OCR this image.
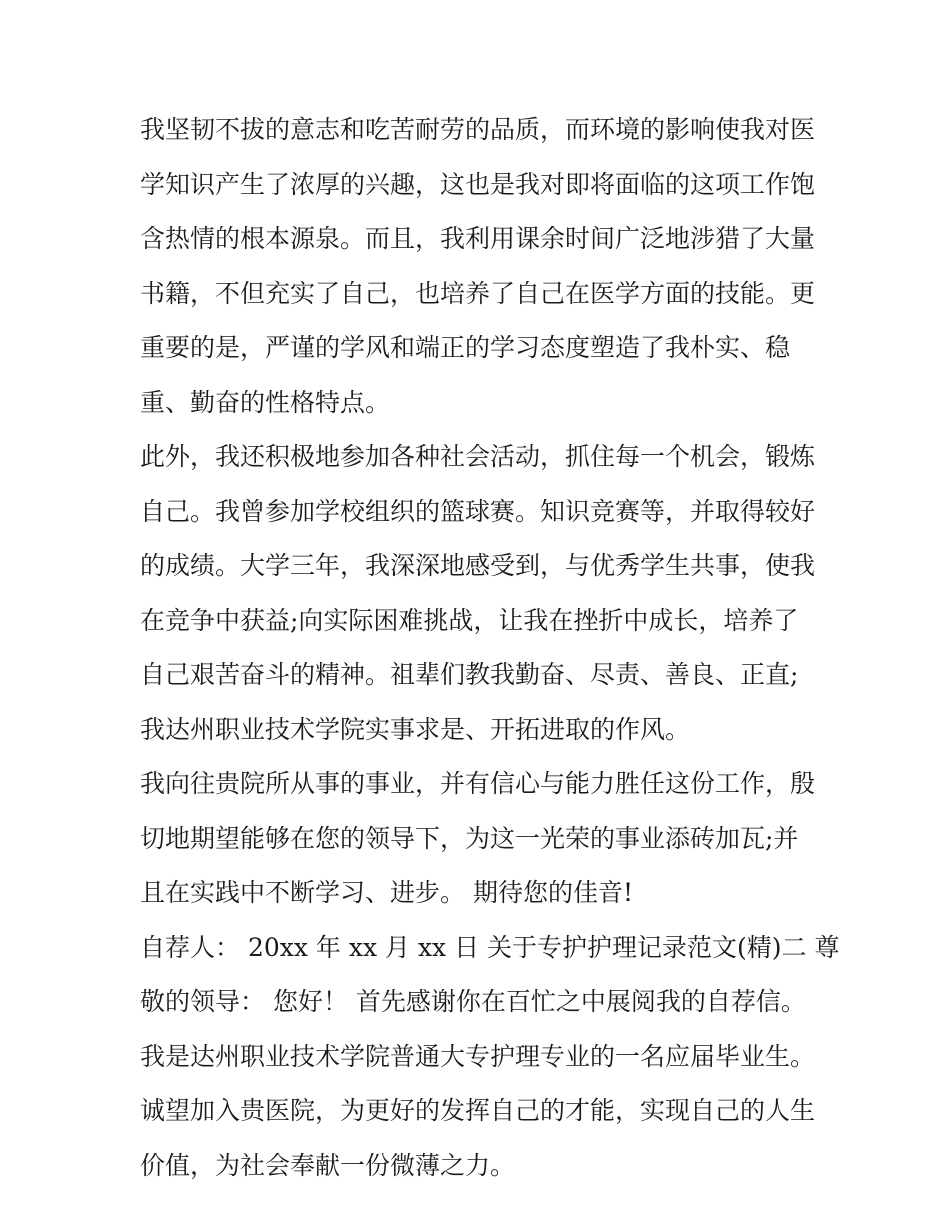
我坚韧不拔的意志和吃苦耐劳的品质，而环境的影响使我对医
学知识产生了浓厚的兴趣，这也是我对即将面临的这项工作饱
含热情的根本源泉。而且，我利用课余时间广泛地涉猎了大量
书籍，不但充实了自己，也培养了自己在医学方面的技能。更
重要的是，严谨的学风和端正的学习态度塑造了我朴实、稳
重、勤奋的性格特点。
此外，我还积极地参加各种社会活动，抓住每一个机会，锻炼
自己。我曾参加学校组织的篮球赛。知识竞赛等，并取得较好
的成绩。大学三年，我深深地感受到，与优秀学生共事，使我
在竞争中获益;向实际困难挑战，让我在挫折中成长，培养了
自己艰苦奋斗的精神。祖辈们教我勤奋、尽责、善良、正直;
我达州职业技术学院实事求是、开拓进取的作风。
我向往贵院所从事的事业，并有信心与能力胜任这份工作，殷
切地期望能够在您的领导下，为这一光荣的事业添砖加瓦;并
且在实践中不断学习、进步。 期待您的佳音!
自荐人： 20xx 年 xx 月 xx 日 关于专护护理记录范文(精)二 尊
敬的领导： 您好！ 首先感谢你在百忙之中展阅我的自荐信。
我是达州职业技术学院普通大专护理专业的一名应届毕业生。
诚望加入贵医院，为更好的发挥自己的才能，实现自己的人生
价值，为社会奉献一份微薄之力。
